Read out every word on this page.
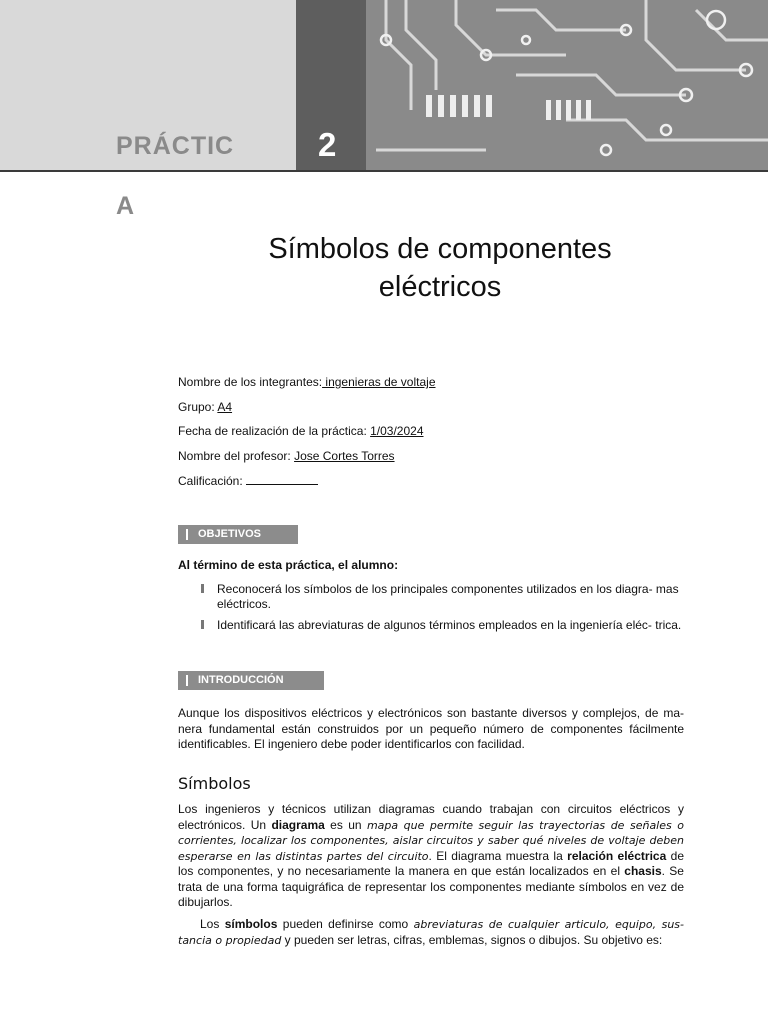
PRÁCTIC	2
A
Símbolos de componentes
eléctricos
Nombre de los integrantes: ingenieras de voltaje
Grupo: A4
Fecha de realización de la práctica: 1/03/2024
Nombre del profesor: Jose Cortes Torres
Calificación:
OBJETIVOS
Al término de esta práctica, el alumno:
Reconocerá los símbolos de los principales componentes utilizados en los diagra- mas eléctricos.
Identificará las abreviaturas de algunos términos empleados en la ingeniería eléc- trica.
INTRODUCCIÓN

Aunque los dispositivos eléctricos y electrónicos son bastante diversos y complejos, de ma- nera fundamental están construidos por un pequeño número de componentes fácilmente identificables. El ingeniero debe poder identificarlos con facilidad.

Símbolos

Los ingenieros y técnicos utilizan diagramas cuando trabajan con circuitos eléctricos y electrónicos. Un diagrama es un mapa que permite seguir las trayectorias de señales o corrientes, localizar los componentes, aislar circuitos y saber qué niveles de voltaje deben esperarse en las distintas partes del circuito. El diagrama muestra la relación eléctrica de los componentes, y no necesariamente la manera en que están localizados en el chasis. Se trata de una forma taquigráfica de representar los componentes mediante símbolos en vez de dibujarlos.

Los símbolos pueden definirse como abreviaturas de cualquier articulo, equipo, sus- tancia o propiedad y pueden ser letras, cifras, emblemas, signos o dibujos. Su objetivo es:
